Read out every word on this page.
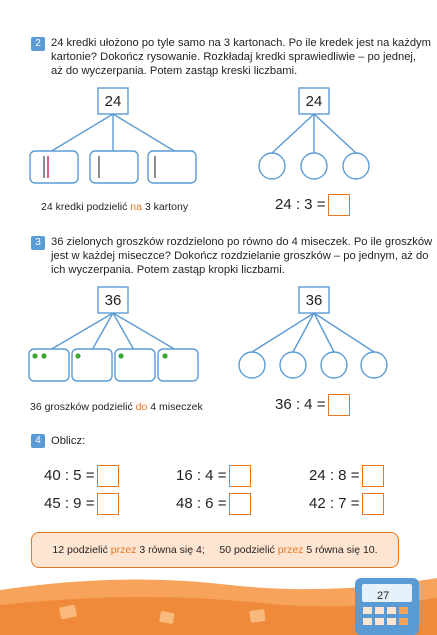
2 24 kredki ułożono po tyle samo na 3 kartonach. Po ile kredek jest na każdym
kartonie? Dokończ rysowanie. Rozkładaj kredki sprawiedliwie – po jednej,
aż do wyczerpania. Potem zastąp kreski liczbami.
24	24
24 kredki podzielić na 3 kartony	24 : 3 =
3 36 zielonych groszków rozdzielono po równo do 4 miseczek. Po ile groszków
jest w każdej miseczce? Dokończ rozdzielanie groszków – po jednym, aż do
ich wyczerpania. Potem zastąp kropki liczbami.
36	36
36 groszków podzielić do 4 miseczek	36 : 4 =
4 Oblicz:
40 : 5 =	16 : 4 =	24 : 8 =
45 : 9 =	48 : 6 =	42 : 7 =
12 podzielić przez 3 równa się 4;     50 podzielić przez 5 równa się 10.
27
